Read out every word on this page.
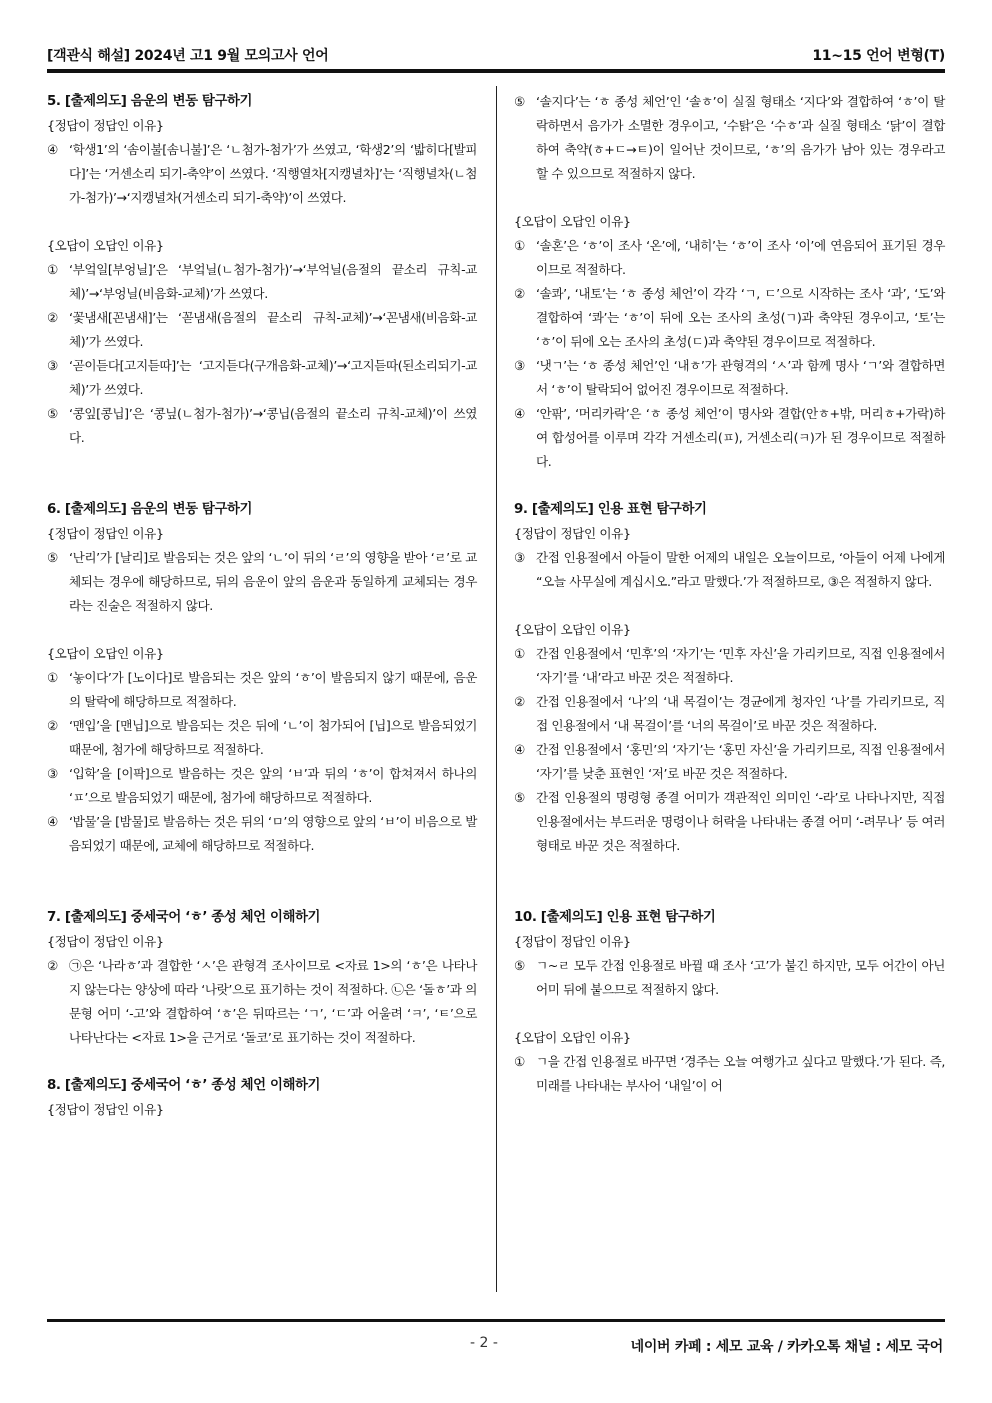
[객관식 해설] 2024년 고1 9월 모의고사 언어	11~15 언어 변형(T)

5. [출제의도] 음운의 변동 탐구하기

{정답이 정답인 이유}

④ ‘학생1’의 ‘솜이불[솜니불]’은 ‘ㄴ첨가-첨가’가 쓰였고, ‘학생2’의 ‘밟히다[발피다]’는 ‘거센소리 되기-축약’이 쓰였다. ‘직행열차[지캥녈차]’는 ‘직행녈차(ㄴ첨가-첨가)’→‘지캥녈차(거센소리 되기-축약)’이 쓰였다.

{오답이 오답인 이유}

① ‘부엌일[부엉닐]’은 ‘부엌닐(ㄴ첨가-첨가)’→‘부억닐(음절의 끝소리 규칙-교체)’→‘부엉닐(비음화-교체)’가 쓰였다.
② ‘꽃냄새[꼰냄새]’는 ‘꼳냄새(음절의 끝소리 규칙-교체)’→‘꼰냄새(비음화-교체)’가 쓰였다.
③ ‘곧이듣다[고지듣따]’는 ‘고지듣다(구개음화-교체)’→‘고지듣따(된소리되기-교체)’가 쓰였다.
⑤ ‘콩잎[콩닙]’은 ‘콩닢(ㄴ첨가-첨가)’→‘콩닙(음절의 끝소리 규칙-교체)’이 쓰였다.

6. [출제의도] 음운의 변동 탐구하기

{정답이 정답인 이유}

⑤ ‘난리’가 [날리]로 발음되는 것은 앞의 ‘ㄴ’이 뒤의 ‘ㄹ’의 영향을 받아 ‘ㄹ’로 교체되는 경우에 해당하므로, 뒤의 음운이 앞의 음운과 동일하게 교체되는 경우라는 진술은 적절하지 않다.

{오답이 오답인 이유}

① ‘놓이다’가 [노이다]로 발음되는 것은 앞의 ‘ㅎ’이 발음되지 않기 때문에, 음운의 탈락에 해당하므로 적절하다.
② ‘맨입’을 [맨닙]으로 발음되는 것은 뒤에 ‘ㄴ’이 첨가되어 [닙]으로 발음되었기 때문에, 첨가에 해당하므로 적절하다.
③ ‘입학’을 [이팍]으로 발음하는 것은 앞의 ‘ㅂ’과 뒤의 ‘ㅎ’이 합쳐져서 하나의 ‘ㅍ’으로 발음되었기 때문에, 첨가에 해당하므로 적절하다.
④ ‘밥물’을 [밤물]로 발음하는 것은 뒤의 ‘ㅁ’의 영향으로 앞의 ‘ㅂ’이 비음으로 발음되었기 때문에, 교체에 해당하므로 적절하다.

7. [출제의도] 중세국어 ‘ㅎ’ 종성 체언 이해하기

{정답이 정답인 이유}

② ㉠은 ‘나라ㅎ’과 결합한 ‘ㅅ’은 관형격 조사이므로 <자료 1>의 ‘ㅎ’은 나타나지 않는다는 양상에 따라 ‘나랏’으로 표기하는 것이 적절하다. ㉡은 ‘돌ㅎ’과 의문형 어미 ‘-고’와 결합하여 ‘ㅎ’은 뒤따르는 ‘ㄱ’, ‘ㄷ’과 어울려 ‘ㅋ’, ‘ㅌ’으로 나타난다는 <자료 1>을 근거로 ‘돌코’로 표기하는 것이 적절하다.

8. [출제의도] 중세국어 ‘ㅎ’ 종성 체언 이해하기

{정답이 정답인 이유}

⑤ ‘솔지다’는 ‘ㅎ 종성 체언’인 ‘솔ㅎ’이 실질 형태소 ‘지다’와 결합하여 ‘ㅎ’이 탈락하면서 음가가 소멸한 경우이고, ‘수탉’은 ‘수ㅎ’과 실질 형태소 ‘닭’이 결합하여 축약(ㅎ+ㄷ→ㅌ)이 일어난 것이므로, ‘ㅎ’의 음가가 남아 있는 경우라고 할 수 있으므로 적절하지 않다.

{오답이 오답인 이유}

① ‘솔혼’은 ‘ㅎ’이 조사 ‘온’에, ‘내히’는 ‘ㅎ’이 조사 ‘이’에 연음되어 표기된 경우이므로 적절하다.
② ‘솔콰’, ‘내토’는 ‘ㅎ 종성 체언’이 각각 ‘ㄱ, ㄷ’으로 시작하는 조사 ‘과’, ‘도’와 결합하여 ‘콰’는 ‘ㅎ’이 뒤에 오는 조사의 초성(ㄱ)과 축약된 경우이고, ‘토’는 ‘ㅎ’이 뒤에 오는 조사의 초성(ㄷ)과 축약된 경우이므로 적절하다.
③ ‘냇ㄱ’는 ‘ㅎ 종성 체언’인 ‘내ㅎ’가 관형격의 ‘ㅅ’과 함께 명사 ‘ㄱ’와 결합하면서 ‘ㅎ’이 탈락되어 없어진 경우이므로 적절하다.
④ ‘안팎’, ‘머리카락’은 ‘ㅎ 종성 체언’이 명사와 결합(안ㅎ+밖, 머리ㅎ+가락)하여 합성어를 이루며 각각 거센소리(ㅍ), 거센소리(ㅋ)가 된 경우이므로 적절하다.

9. [출제의도] 인용 표현 탐구하기

{정답이 정답인 이유}

③ 간접 인용절에서 아들이 말한 어제의 내일은 오늘이므로, ‘아들이 어제 나에게 “오늘 사무실에 계십시오.”라고 말했다.’가 적절하므로, ③은 적절하지 않다.

{오답이 오답인 이유}

① 간접 인용절에서 ‘민후’의 ‘자기’는 ‘민후 자신’을 가리키므로, 직접 인용절에서 ‘자기’를 ‘내’라고 바꾼 것은 적절하다.
② 간접 인용절에서 ‘나’의 ‘내 목걸이’는 경균에게 청자인 ‘나’를 가리키므로, 직접 인용절에서 ‘내 목걸이’를 ‘너의 목걸이’로 바꾼 것은 적절하다.
④ 간접 인용절에서 ‘홍민’의 ‘자기’는 ‘홍민 자신’을 가리키므로, 직접 인용절에서 ‘자기’를 낮춘 표현인 ‘저’로 바꾼 것은 적절하다.
⑤ 간접 인용절의 명령형 종결 어미가 객관적인 의미인 ‘-라’로 나타나지만, 직접 인용절에서는 부드러운 명령이나 허락을 나타내는 종결 어미 ‘-려무나’ 등 여러 형태로 바꾼 것은 적절하다.

10. [출제의도] 인용 표현 탐구하기

{정답이 정답인 이유}

⑤ ㄱ~ㄹ 모두 간접 인용절로 바뀔 때 조사 ‘고’가 붙긴 하지만, 모두 어간이 아닌 어미 뒤에 붙으므로 적절하지 않다.

{오답이 오답인 이유}

① ㄱ을 간접 인용절로 바꾸면 ‘경주는 오늘 여행가고 싶다고 말했다.’가 된다. 즉, 미래를 나타내는 부사어 ‘내일’이 어
- 2 -	네이버 카페 : 세모 교육 / 카카오톡 채널 : 세모 국어
